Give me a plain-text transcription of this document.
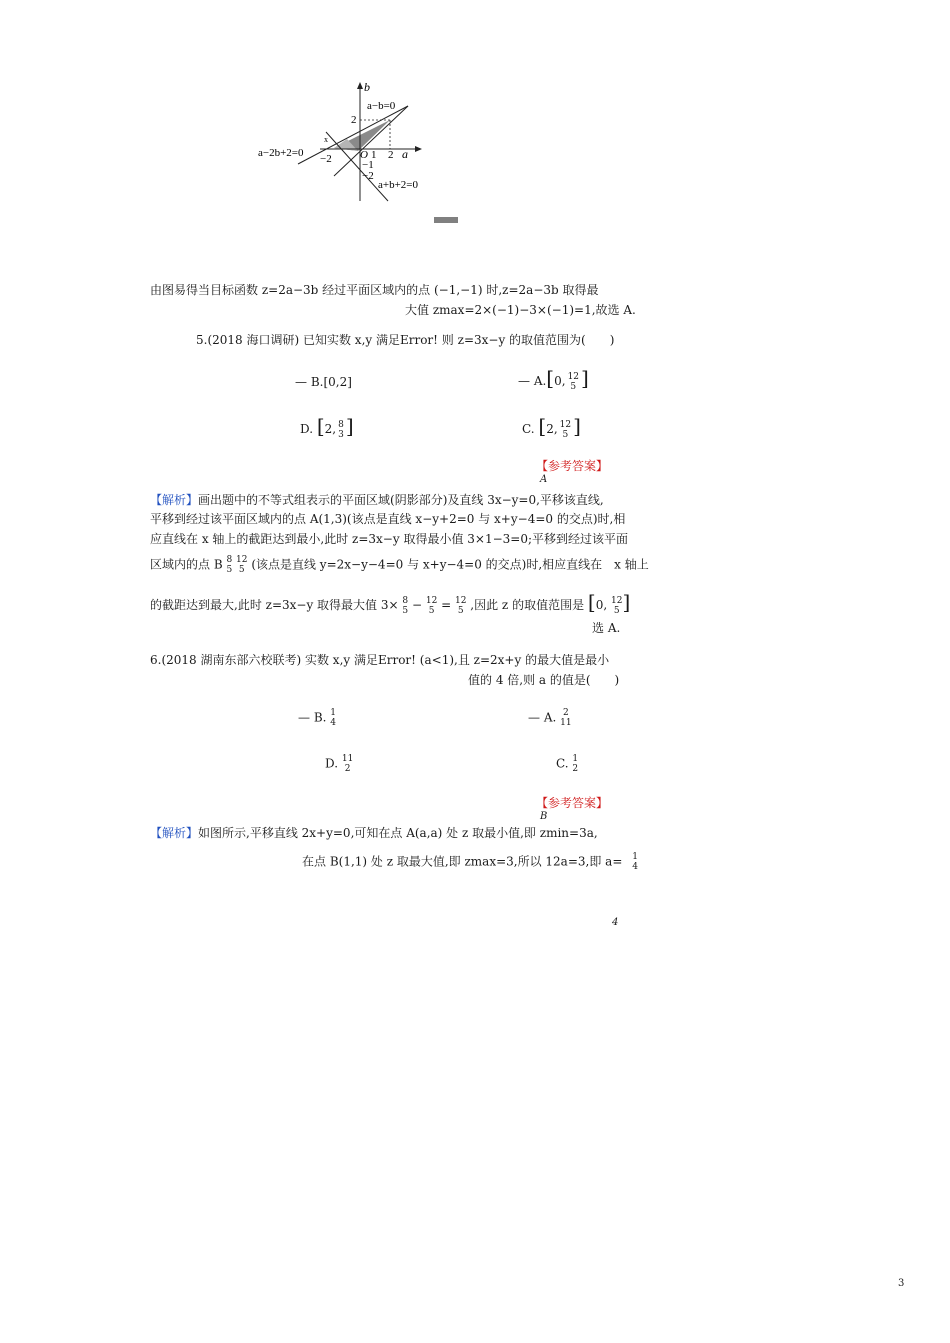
b
a−b=0
2
a−2b+2=0
x
−2	O 1 2 a
−1
−2
a+b+2=0
由图易得当目标函数 z=2a−3b 经过平面区域内的点 (−1,−1) 时,z=2a−3b 取得最
大值 zmax=2×(−1)−3×(−1)=1,故选 A.
5.(2018 海口调研) 已知实数 x,y 满足Error! 则 z=3x−y 的取值范围为(　　)
— B.[0,2]	— A.[0, 12
5 ]
D. [2, 8
3 ]	C. [2, 12
5 ]
【参考答案】
A
【解析】画出题中的不等式组表示的平面区域(阴影部分)及直线 3x−y=0,平移该直线,
平移到经过该平面区域内的点 A(1,3)(该点是直线 x−y+2=0 与 x+y−4=0 的交点)时,相
应直线在 x 轴上的截距达到最小,此时 z=3x−y 取得最小值 3×1−3=0;平移到经过该平面
区域内的点 B 8
5

12
5 (该点是直线 y=2x−y−4=0 与 x+y−4=0 的交点)时,相应直线在　x 轴上
的截距达到最大,此时 z=3x−y 取得最大值 3× 8
5 − 12
5 = 12
5 ,因此 z 的取值范围是 [0, 12
5 ]
选 A.
6.(2018 湖南东部六校联考) 实数 x,y 满足Error! (a<1),且 z=2x+y 的最大值是最小
值的 4 倍,则 a 的值是(　　)
— B. 1
4	— A. 2
11
D. 11
2	C. 1
2
【参考答案】
B
【解析】如图所示,平移直线 2x+y=0,可知在点 A(a,a) 处 z 取最小值,即 zmin=3a,
在点 B(1,1) 处 z 取最大值,即 zmax=3,所以 12a=3,即 a= 1
4
4
3
